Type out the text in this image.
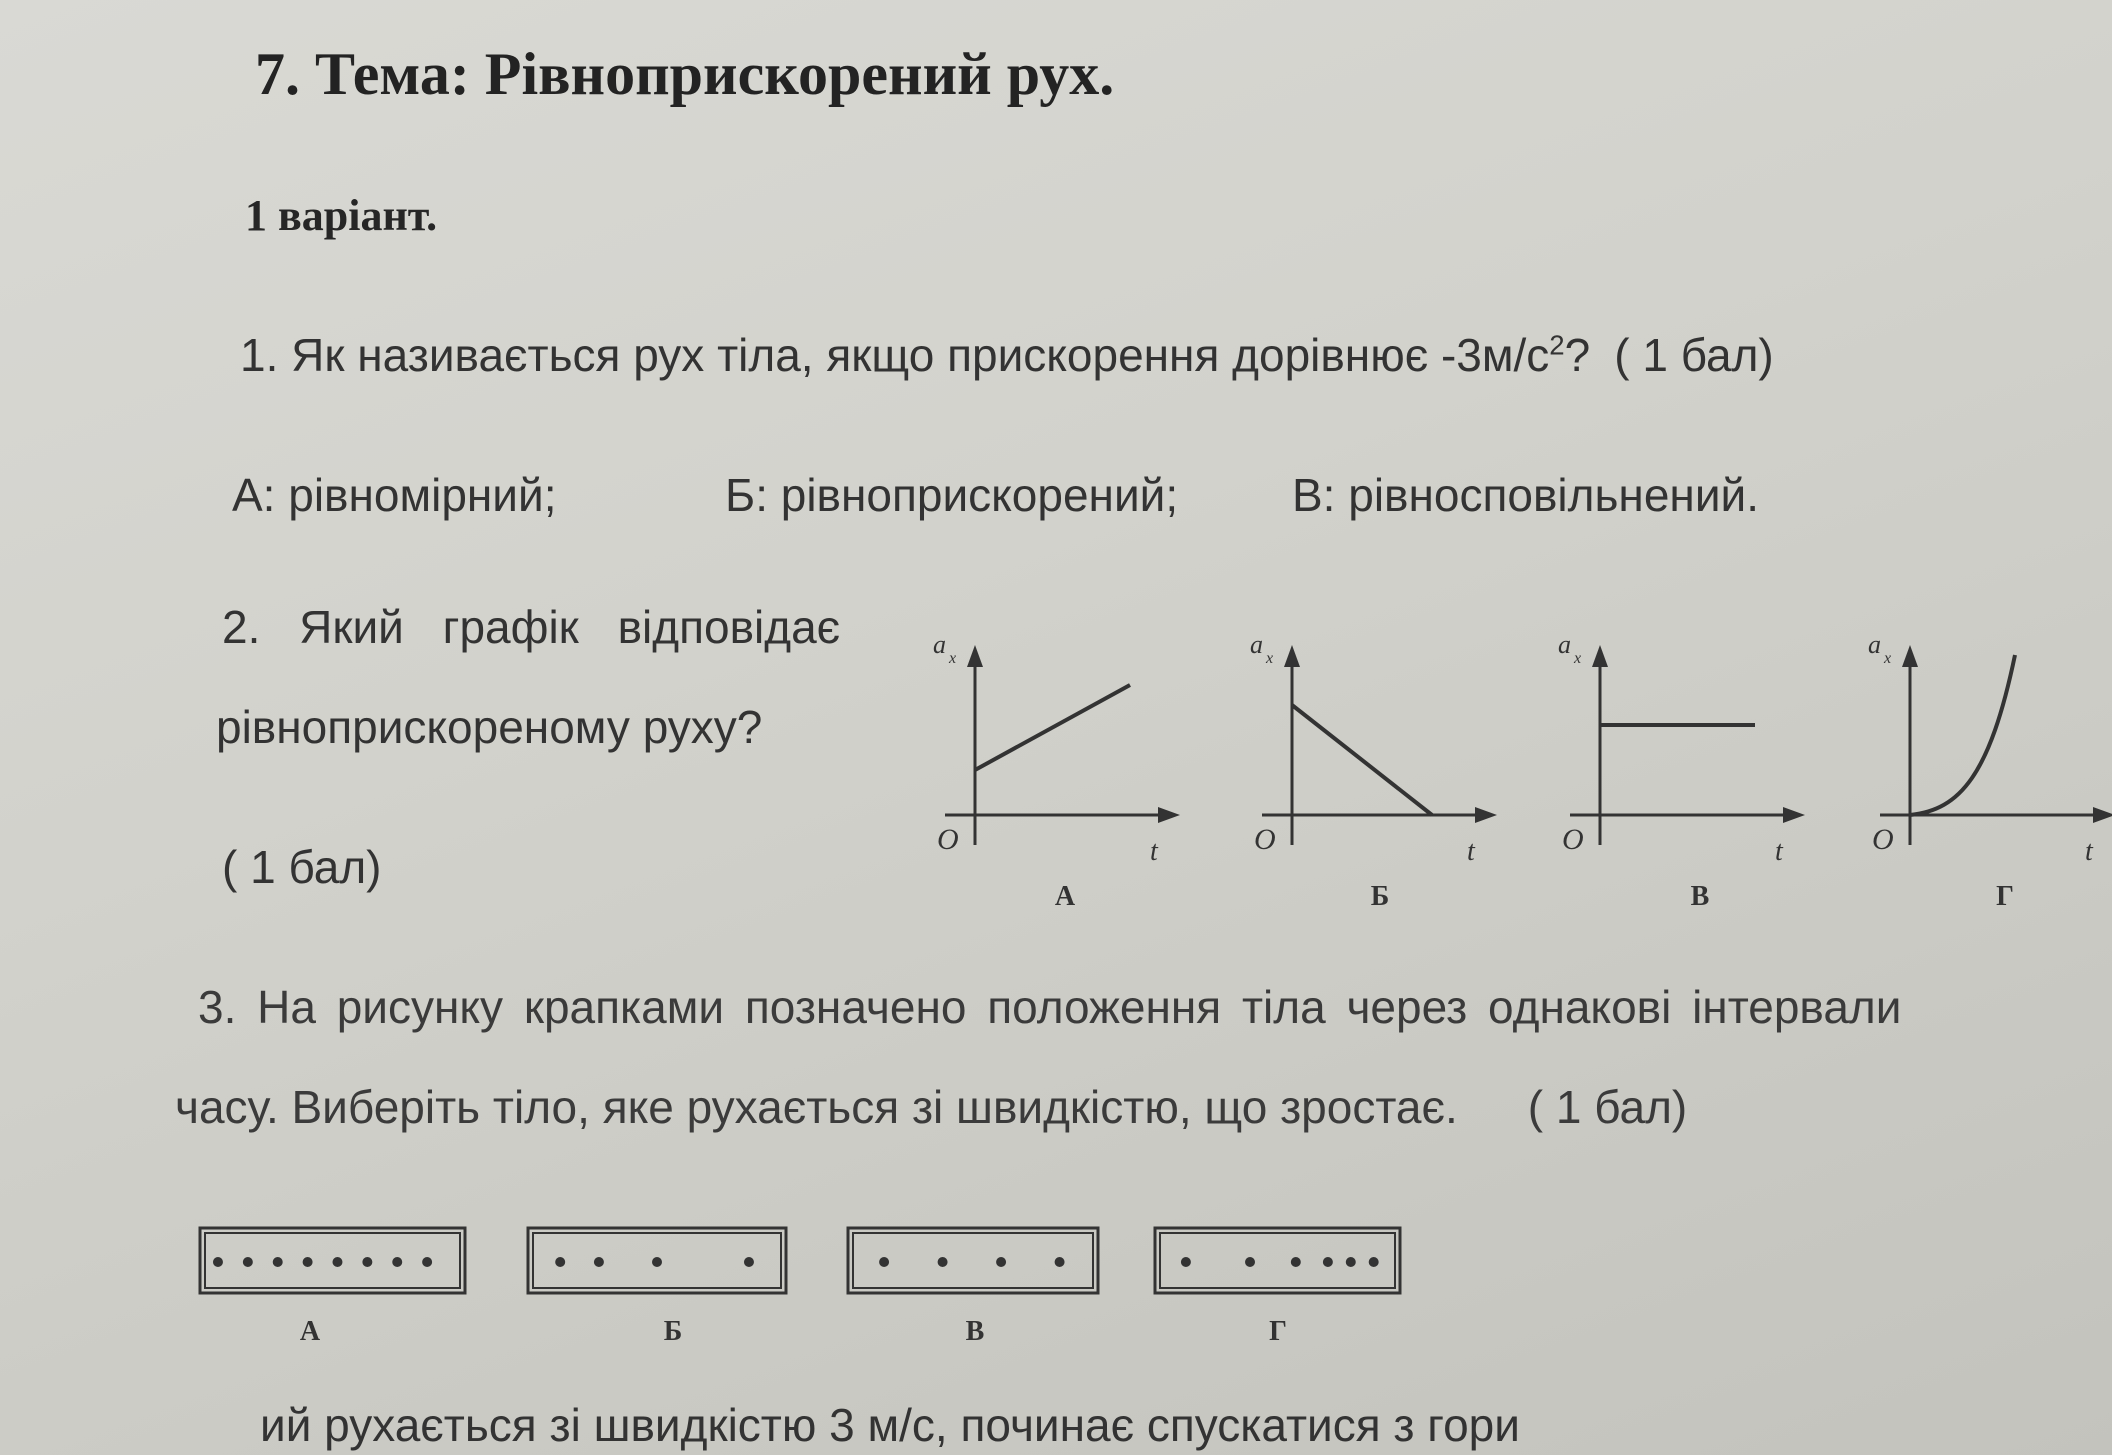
7. Тема: Рівноприскорений рух.
1 варіант.
1. Як називається рух тіла, якщо прискорення дорівнює $-3м/с^2$? ( 1 бал)
А: рівномірний;	Б: рівноприскорений; В: рівносповільнений.
2. Який графік відповідає
рівноприскореному руху?
( 1 бал)
3. На рисунку крапками позначено положення тіла через однакові інтервали
часу. Виберіть тіло, яке рухається зі швидкістю, що зростає. ( 1 бал)
ий рухається зі швидкістю 3 м/с, починає спускатися з гори
a x
t
O
А
a x
t
O
Б
a x
t
O
В
a x
t
O
Г
А	Б	В	Г
